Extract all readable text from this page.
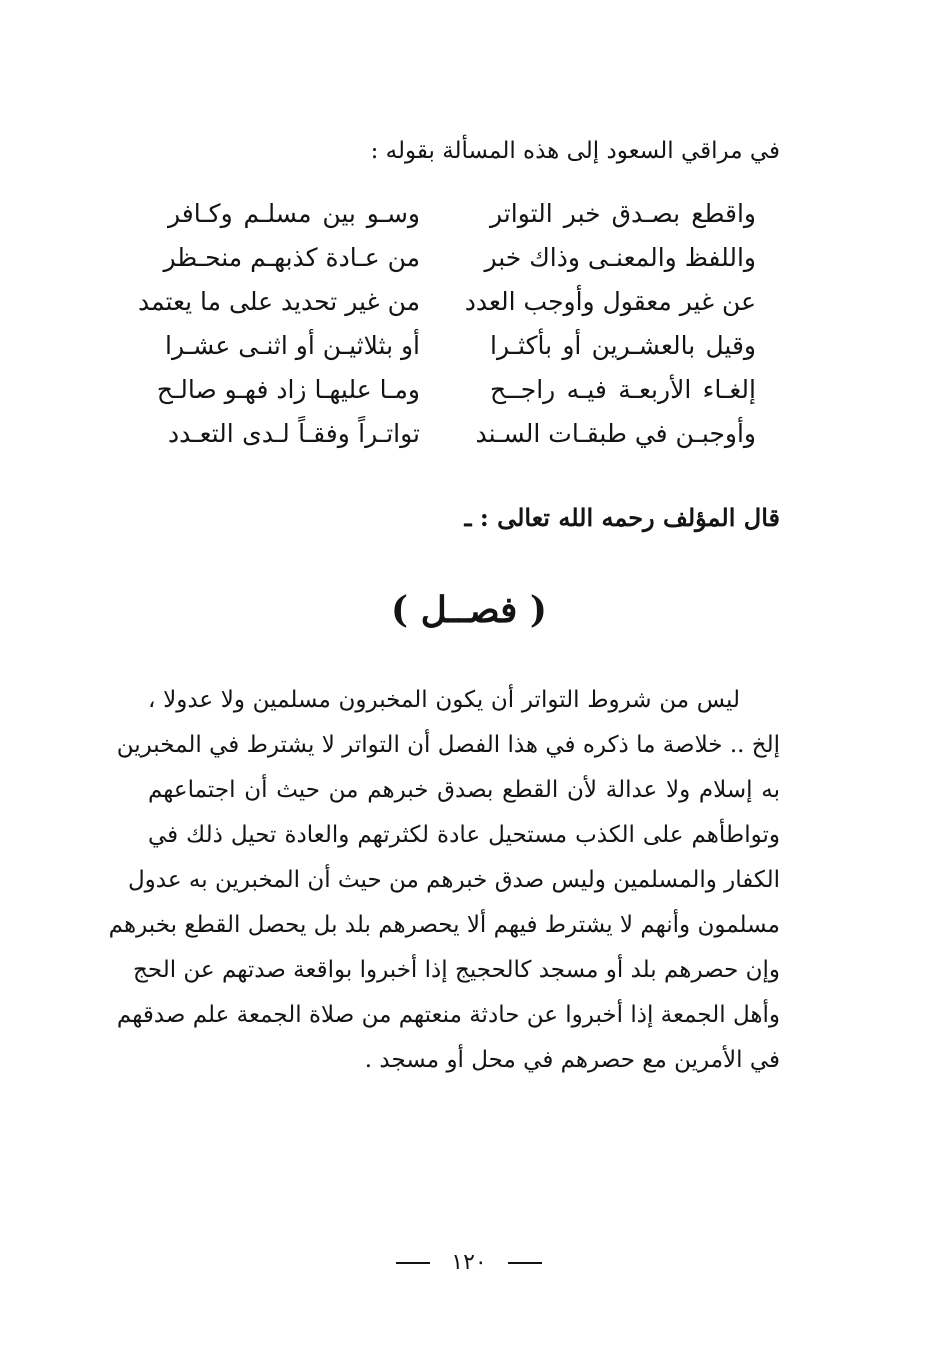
في مراقي السعود إلى هذه المسألة بقوله :
واقطع بصـدق خبر التواتر
وسـو بين مسلـم وكـافر
واللفظ والمعنـى وذاك خبر
من عـادة كذبهـم منحـظر
عن غير معقول وأوجب العدد
من غير تحديد على ما يعتمد
وقيل بالعشـرين أو بأكثـرا
أو بثلاثيـن أو اثنـى عشـرا
إلغـاء الأربعـة فيـه راجــح
ومـا عليهـا زاد فهـو صالـح
وأوجبـن في طبقـات السـند
تواتـراً وفقـاً لـدى التعـدد
قال المؤلف رحمه الله تعالى : ـ
( فصــل )
ليس من شروط التواتر أن يكون المخبرون مسلمين ولا عدولا ،
إلخ .. خلاصة ما ذكره في هذا الفصل أن التواتر لا يشترط في المخبرين
به إسلام ولا عدالة لأن القطع بصدق خبرهم من حيث أن اجتماعهم
وتواطأهم على الكذب مستحيل عادة لكثرتهم والعادة تحيل ذلك في
الكفار والمسلمين وليس صدق خبرهم من حيث أن المخبرين به عدول
مسلمون وأنهم لا يشترط فيهم ألا يحصرهم بلد بل يحصل القطع بخبرهم
وإن حصرهم بلد أو مسجد كالحجيج إذا أخبروا بواقعة صدتهم عن الحج
وأهل الجمعة إذا أخبروا عن حادثة منعتهم من صلاة الجمعة علم صدقهم
في الأمرين مع حصرهم في محل أو مسجد .
١٢٠
